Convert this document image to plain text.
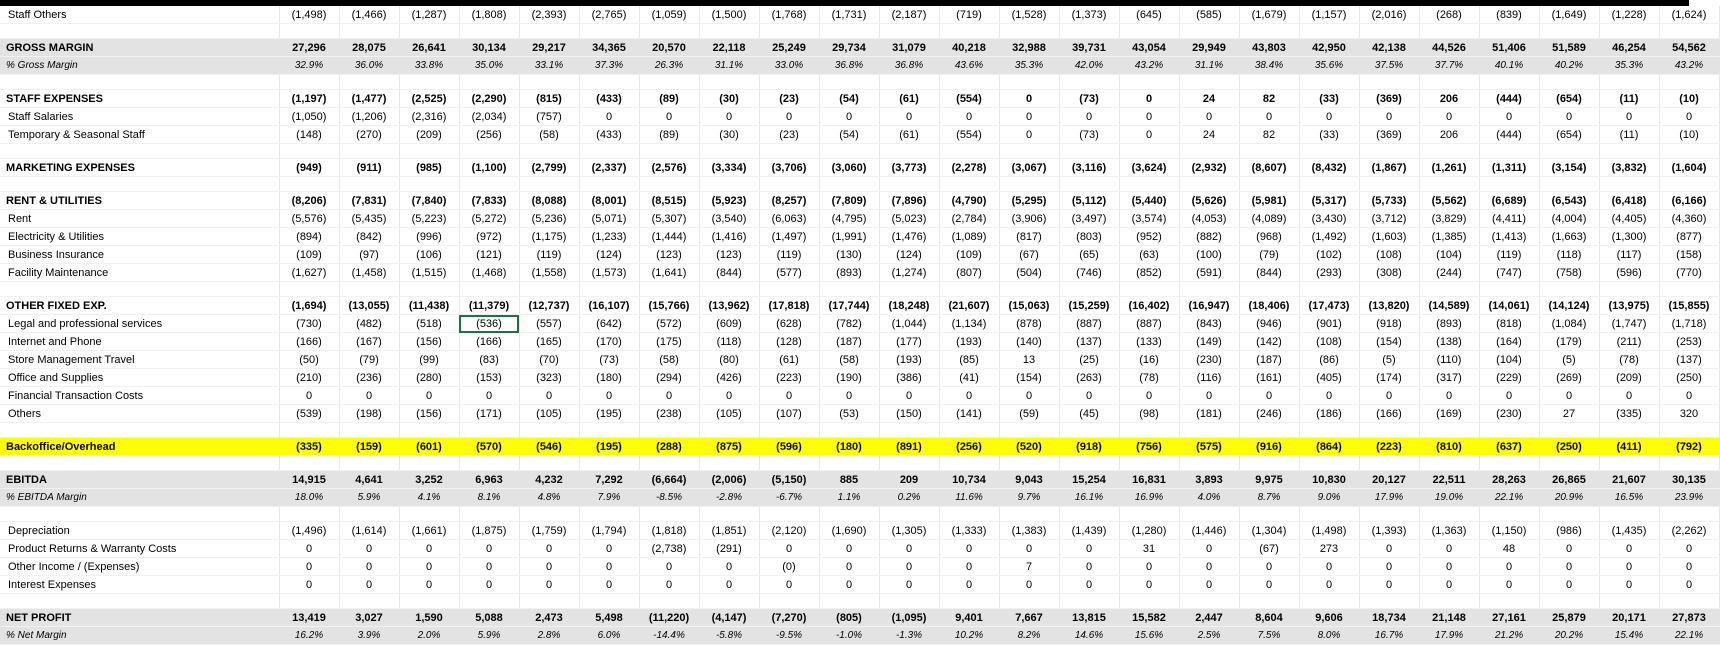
Staff Others	(1,498)	(1,466)	(1,287)	(1,808)	(2,393)	(2,765)	(1,059)	(1,500)	(1,768)	(1,731)	(2,187)	(719)	(1,528)	(1,373)	(645)	(585)	(1,679)	(1,157)	(2,016)	(268)	(839)	(1,649)	(1,228)	(1,624)

GROSS MARGIN	27,296	28,075	26,641	30,134	29,217	34,365	20,570	22,118	25,249	29,734	31,079	40,218	32,988	39,731	43,054	29,949	43,803	42,950	42,138	44,526	51,406	51,589	46,254	54,562
% Gross Margin	32.9%	36.0%	33.8%	35.0%	33.1%	37.3%	26.3%	31.1%	33.0%	36.8%	36.8%	43.6%	35.3%	42.0%	43.2%	31.1%	38.4%	35.6%	37.5%	37.7%	40.1%	40.2%	35.3%	43.2%

STAFF EXPENSES	(1,197)	(1,477)	(2,525)	(2,290)	(815)	(433)	(89)	(30)	(23)	(54)	(61)	(554)	0	(73)	0	24	82	(33)	(369)	206	(444)	(654)	(11)	(10)
Staff Salaries	(1,050)	(1,206)	(2,316)	(2,034)	(757)	0	0	0	0	0	0	0	0	0	0	0	0	0	0	0	0	0	0	0
Temporary & Seasonal Staff	(148)	(270)	(209)	(256)	(58)	(433)	(89)	(30)	(23)	(54)	(61)	(554)	0	(73)	0	24	82	(33)	(369)	206	(444)	(654)	(11)	(10)

MARKETING EXPENSES	(949)	(911)	(985)	(1,100)	(2,799)	(2,337)	(2,576)	(3,334)	(3,706)	(3,060)	(3,773)	(2,278)	(3,067)	(3,116)	(3,624)	(2,932)	(8,607)	(8,432)	(1,867)	(1,261)	(1,311)	(3,154)	(3,832)	(1,604)

RENT & UTILITIES	(8,206)	(7,831)	(7,840)	(7,833)	(8,088)	(8,001)	(8,515)	(5,923)	(8,257)	(7,809)	(7,896)	(4,790)	(5,295)	(5,112)	(5,440)	(5,626)	(5,981)	(5,317)	(5,733)	(5,562)	(6,689)	(6,543)	(6,418)	(6,166)
Rent	(5,576)	(5,435)	(5,223)	(5,272)	(5,236)	(5,071)	(5,307)	(3,540)	(6,063)	(4,795)	(5,023)	(2,784)	(3,906)	(3,497)	(3,574)	(4,053)	(4,089)	(3,430)	(3,712)	(3,829)	(4,411)	(4,004)	(4,405)	(4,360)
Electricity & Utilities	(894)	(842)	(996)	(972)	(1,175)	(1,233)	(1,444)	(1,416)	(1,497)	(1,991)	(1,476)	(1,089)	(817)	(803)	(952)	(882)	(968)	(1,492)	(1,603)	(1,385)	(1,413)	(1,663)	(1,300)	(877)
Business Insurance	(109)	(97)	(106)	(121)	(119)	(124)	(123)	(123)	(119)	(130)	(124)	(109)	(67)	(65)	(63)	(100)	(79)	(102)	(108)	(104)	(119)	(118)	(117)	(158)
Facility Maintenance	(1,627)	(1,458)	(1,515)	(1,468)	(1,558)	(1,573)	(1,641)	(844)	(577)	(893)	(1,274)	(807)	(504)	(746)	(852)	(591)	(844)	(293)	(308)	(244)	(747)	(758)	(596)	(770)

OTHER FIXED EXP.	(1,694)	(13,055)	(11,438)	(11,379)	(12,737)	(16,107)	(15,766)	(13,962)	(17,818)	(17,744)	(18,248)	(21,607)	(15,063)	(15,259)	(16,402)	(16,947)	(18,406)	(17,473)	(13,820)	(14,589)	(14,061)	(14,124)	(13,975)	(15,855)
Legal and professional services	(730)	(482)	(518)	(536)	(557)	(642)	(572)	(609)	(628)	(782)	(1,044)	(1,134)	(878)	(887)	(887)	(843)	(946)	(901)	(918)	(893)	(818)	(1,084)	(1,747)	(1,718)
Internet and Phone	(166)	(167)	(156)	(166)	(165)	(170)	(175)	(118)	(128)	(187)	(177)	(193)	(140)	(137)	(133)	(149)	(142)	(108)	(154)	(138)	(164)	(179)	(211)	(253)
Store Management Travel	(50)	(79)	(99)	(83)	(70)	(73)	(58)	(80)	(61)	(58)	(193)	(85)	13	(25)	(16)	(230)	(187)	(86)	(5)	(110)	(104)	(5)	(78)	(137)
Office and Supplies	(210)	(236)	(280)	(153)	(323)	(180)	(294)	(426)	(223)	(190)	(386)	(41)	(154)	(263)	(78)	(116)	(161)	(405)	(174)	(317)	(229)	(269)	(209)	(250)
Financial Transaction Costs	0	0	0	0	0	0	0	0	0	0	0	0	0	0	0	0	0	0	0	0	0	0	0	0
Others	(539)	(198)	(156)	(171)	(105)	(195)	(238)	(105)	(107)	(53)	(150)	(141)	(59)	(45)	(98)	(181)	(246)	(186)	(166)	(169)	(230)	27	(335)	320

Backoffice/Overhead	(335)	(159)	(601)	(570)	(546)	(195)	(288)	(875)	(596)	(180)	(891)	(256)	(520)	(918)	(756)	(575)	(916)	(864)	(223)	(810)	(637)	(250)	(411)	(792)

EBITDA	14,915	4,641	3,252	6,963	4,232	7,292	(6,664)	(2,006)	(5,150)	885	209	10,734	9,043	15,254	16,831	3,893	9,975	10,830	20,127	22,511	28,263	26,865	21,607	30,135
% EBITDA Margin	18.0%	5.9%	4.1%	8.1%	4.8%	7.9%	-8.5%	-2.8%	-6.7%	1.1%	0.2%	11.6%	9.7%	16.1%	16.9%	4.0%	8.7%	9.0%	17.9%	19.0%	22.1%	20.9%	16.5%	23.9%

Depreciation	(1,496)	(1,614)	(1,661)	(1,875)	(1,759)	(1,794)	(1,818)	(1,851)	(2,120)	(1,690)	(1,305)	(1,333)	(1,383)	(1,439)	(1,280)	(1,446)	(1,304)	(1,498)	(1,393)	(1,363)	(1,150)	(986)	(1,435)	(2,262)
Product Returns & Warranty Costs	0	0	0	0	0	0	(2,738)	(291)	0	0	0	0	0	0	31	0	(67)	273	0	0	48	0	0	0
Other Income / (Expenses)	0	0	0	0	0	0	0	0	(0)	0	0	0	7	0	0	0	0	0	0	0	0	0	0	0
Interest Expenses	0	0	0	0	0	0	0	0	0	0	0	0	0	0	0	0	0	0	0	0	0	0	0	0

NET PROFIT	13,419	3,027	1,590	5,088	2,473	5,498	(11,220)	(4,147)	(7,270)	(805)	(1,095)	9,401	7,667	13,815	15,582	2,447	8,604	9,606	18,734	21,148	27,161	25,879	20,171	27,873
% Net Margin	16.2%	3.9%	2.0%	5.9%	2.8%	6.0%	-14.4%	-5.8%	-9.5%	-1.0%	-1.3%	10.2%	8.2%	14.6%	15.6%	2.5%	7.5%	8.0%	16.7%	17.9%	21.2%	20.2%	15.4%	22.1%
